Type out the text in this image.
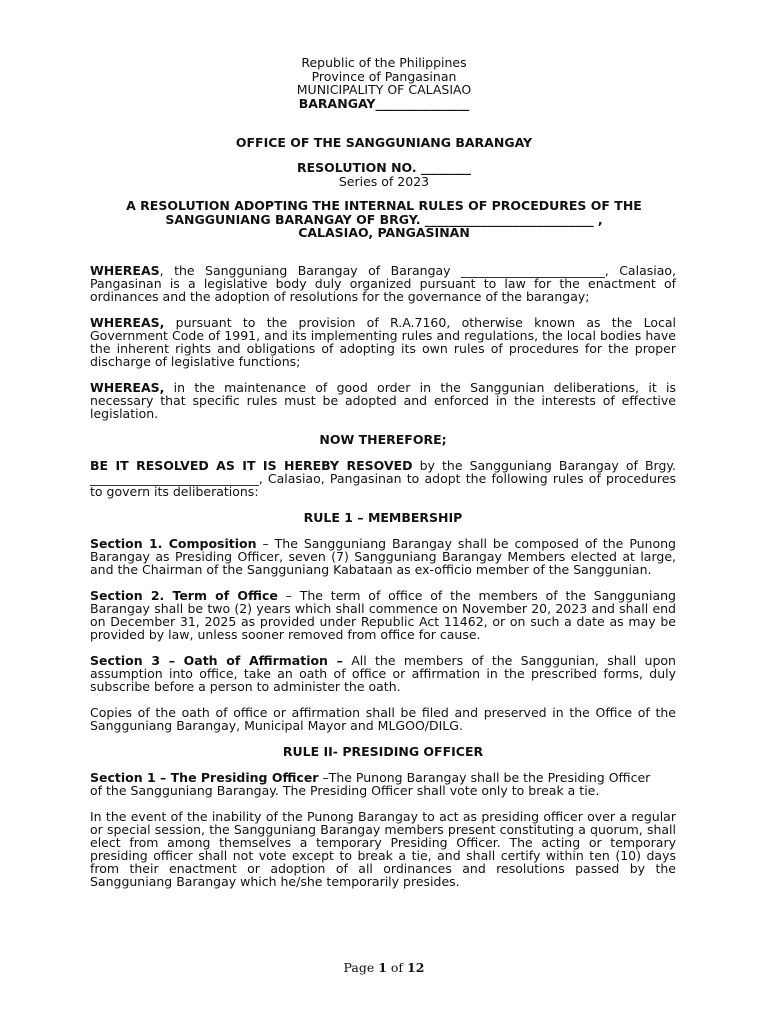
Republic of the Philippines
Province of Pangasinan
MUNICIPALITY OF CALASIAO
BARANGAY_______________
OFFICE OF THE SANGGUNIANG BARANGAY
RESOLUTION NO. ________
Series of 2023
A RESOLUTION ADOPTING THE INTERNAL RULES OF PROCEDURES OF THE
SANGGUNIANG BARANGAY OF BRGY. ___________________________ ,
CALASIAO, PANGASINAN

WHEREAS, the Sangguniang Barangay of Barangay _______________________, Calasiao, Pangasinan is a legislative body duly organized pursuant to law for the enactment of ordinances and the adoption of resolutions for the governance of the barangay;

WHEREAS, pursuant to the provision of R.A.7160, otherwise known as the Local Government Code of 1991, and its implementing rules and regulations, the local bodies have the inherent rights and obligations of adopting its own rules of procedures for the proper discharge of legislative functions;

WHEREAS, in the maintenance of good order in the Sanggunian deliberations, it is necessary that specific rules must be adopted and enforced in the interests of effective legislation.

NOW THEREFORE;

BE IT RESOLVED AS IT IS HEREBY RESOVED by the Sangguniang Barangay of Brgy. ___________________________, Calasiao, Pangasinan to adopt the following rules of procedures to govern its deliberations:

RULE 1 – MEMBERSHIP

Section 1. Composition – The Sangguniang Barangay shall be composed of the Punong Barangay as Presiding Officer, seven (7) Sangguniang Barangay Members elected at large, and the Chairman of the Sangguniang Kabataan as ex-officio member of the Sanggunian.

Section 2. Term of Office – The term of office of the members of the Sangguniang Barangay shall be two (2) years which shall commence on November 20, 2023 and shall end on December 31, 2025 as provided under Republic Act 11462, or on such a date as may be provided by law, unless sooner removed from office for cause.

Section 3 – Oath of Affirmation – All the members of the Sanggunian, shall upon assumption into office, take an oath of office or affirmation in the prescribed forms, duly subscribe before a person to administer the oath.

Copies of the oath of office or affirmation shall be filed and preserved in the Office of the Sangguniang Barangay, Municipal Mayor and MLGOO/DILG.

RULE II- PRESIDING OFFICER

Section 1 – The Presiding Officer –The Punong Barangay shall be the Presiding Officer
of the Sangguniang Barangay. The Presiding Officer shall vote only to break a tie.

In the event of the inability of the Punong Barangay to act as presiding officer over a regular or special session, the Sangguniang Barangay members present constituting a quorum, shall elect from among themselves a temporary Presiding Officer. The acting or temporary presiding officer shall not vote except to break a tie, and shall certify within ten (10) days from their enactment or adoption of all ordinances and resolutions passed by the Sangguniang Barangay which he/she temporarily presides.

Page 1 of 12
